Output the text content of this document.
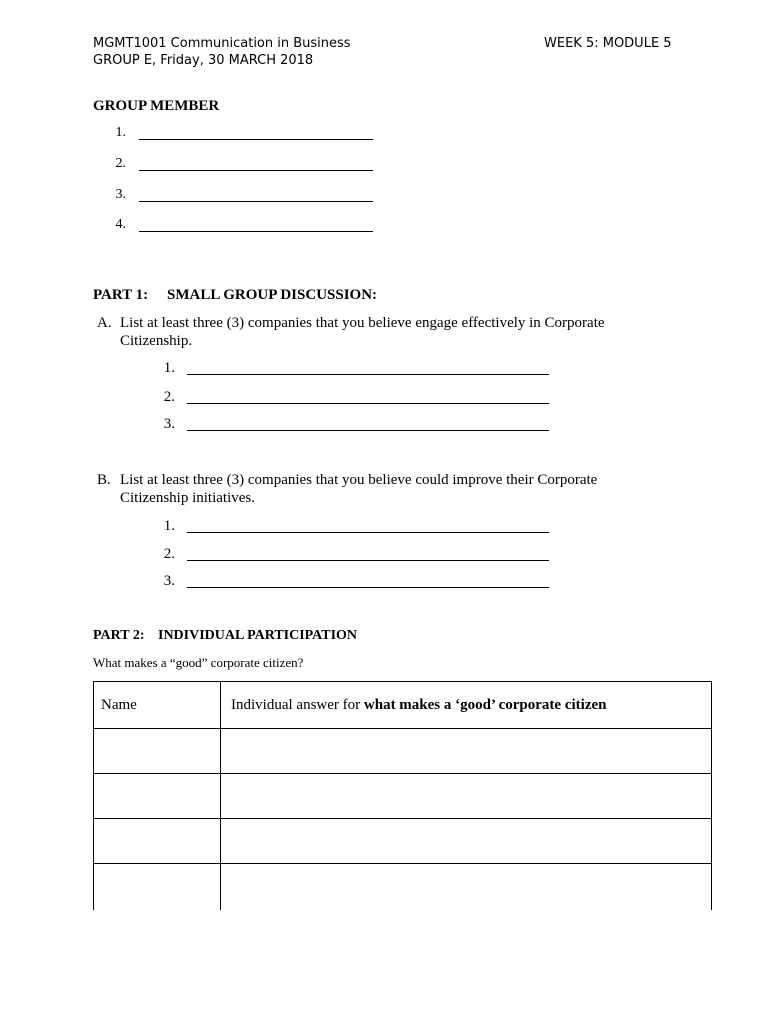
MGMT1001 Communication in Business	WEEK 5: MODULE 5
GROUP E, Friday, 30 MARCH 2018
GROUP MEMBER
1.
2.
3.
4.
PART 1: SMALL GROUP DISCUSSION:
A. List at least three (3) companies that you believe engage effectively in Corporate
Citizenship.
1.
2.
3.
B. List at least three (3) companies that you believe could improve their Corporate
Citizenship initiatives.
1.
2.
3.
PART 2: INDIVIDUAL PARTICIPATION
What makes a “good” corporate citizen?
Name	Individual answer for what makes a ‘good’ corporate citizen
